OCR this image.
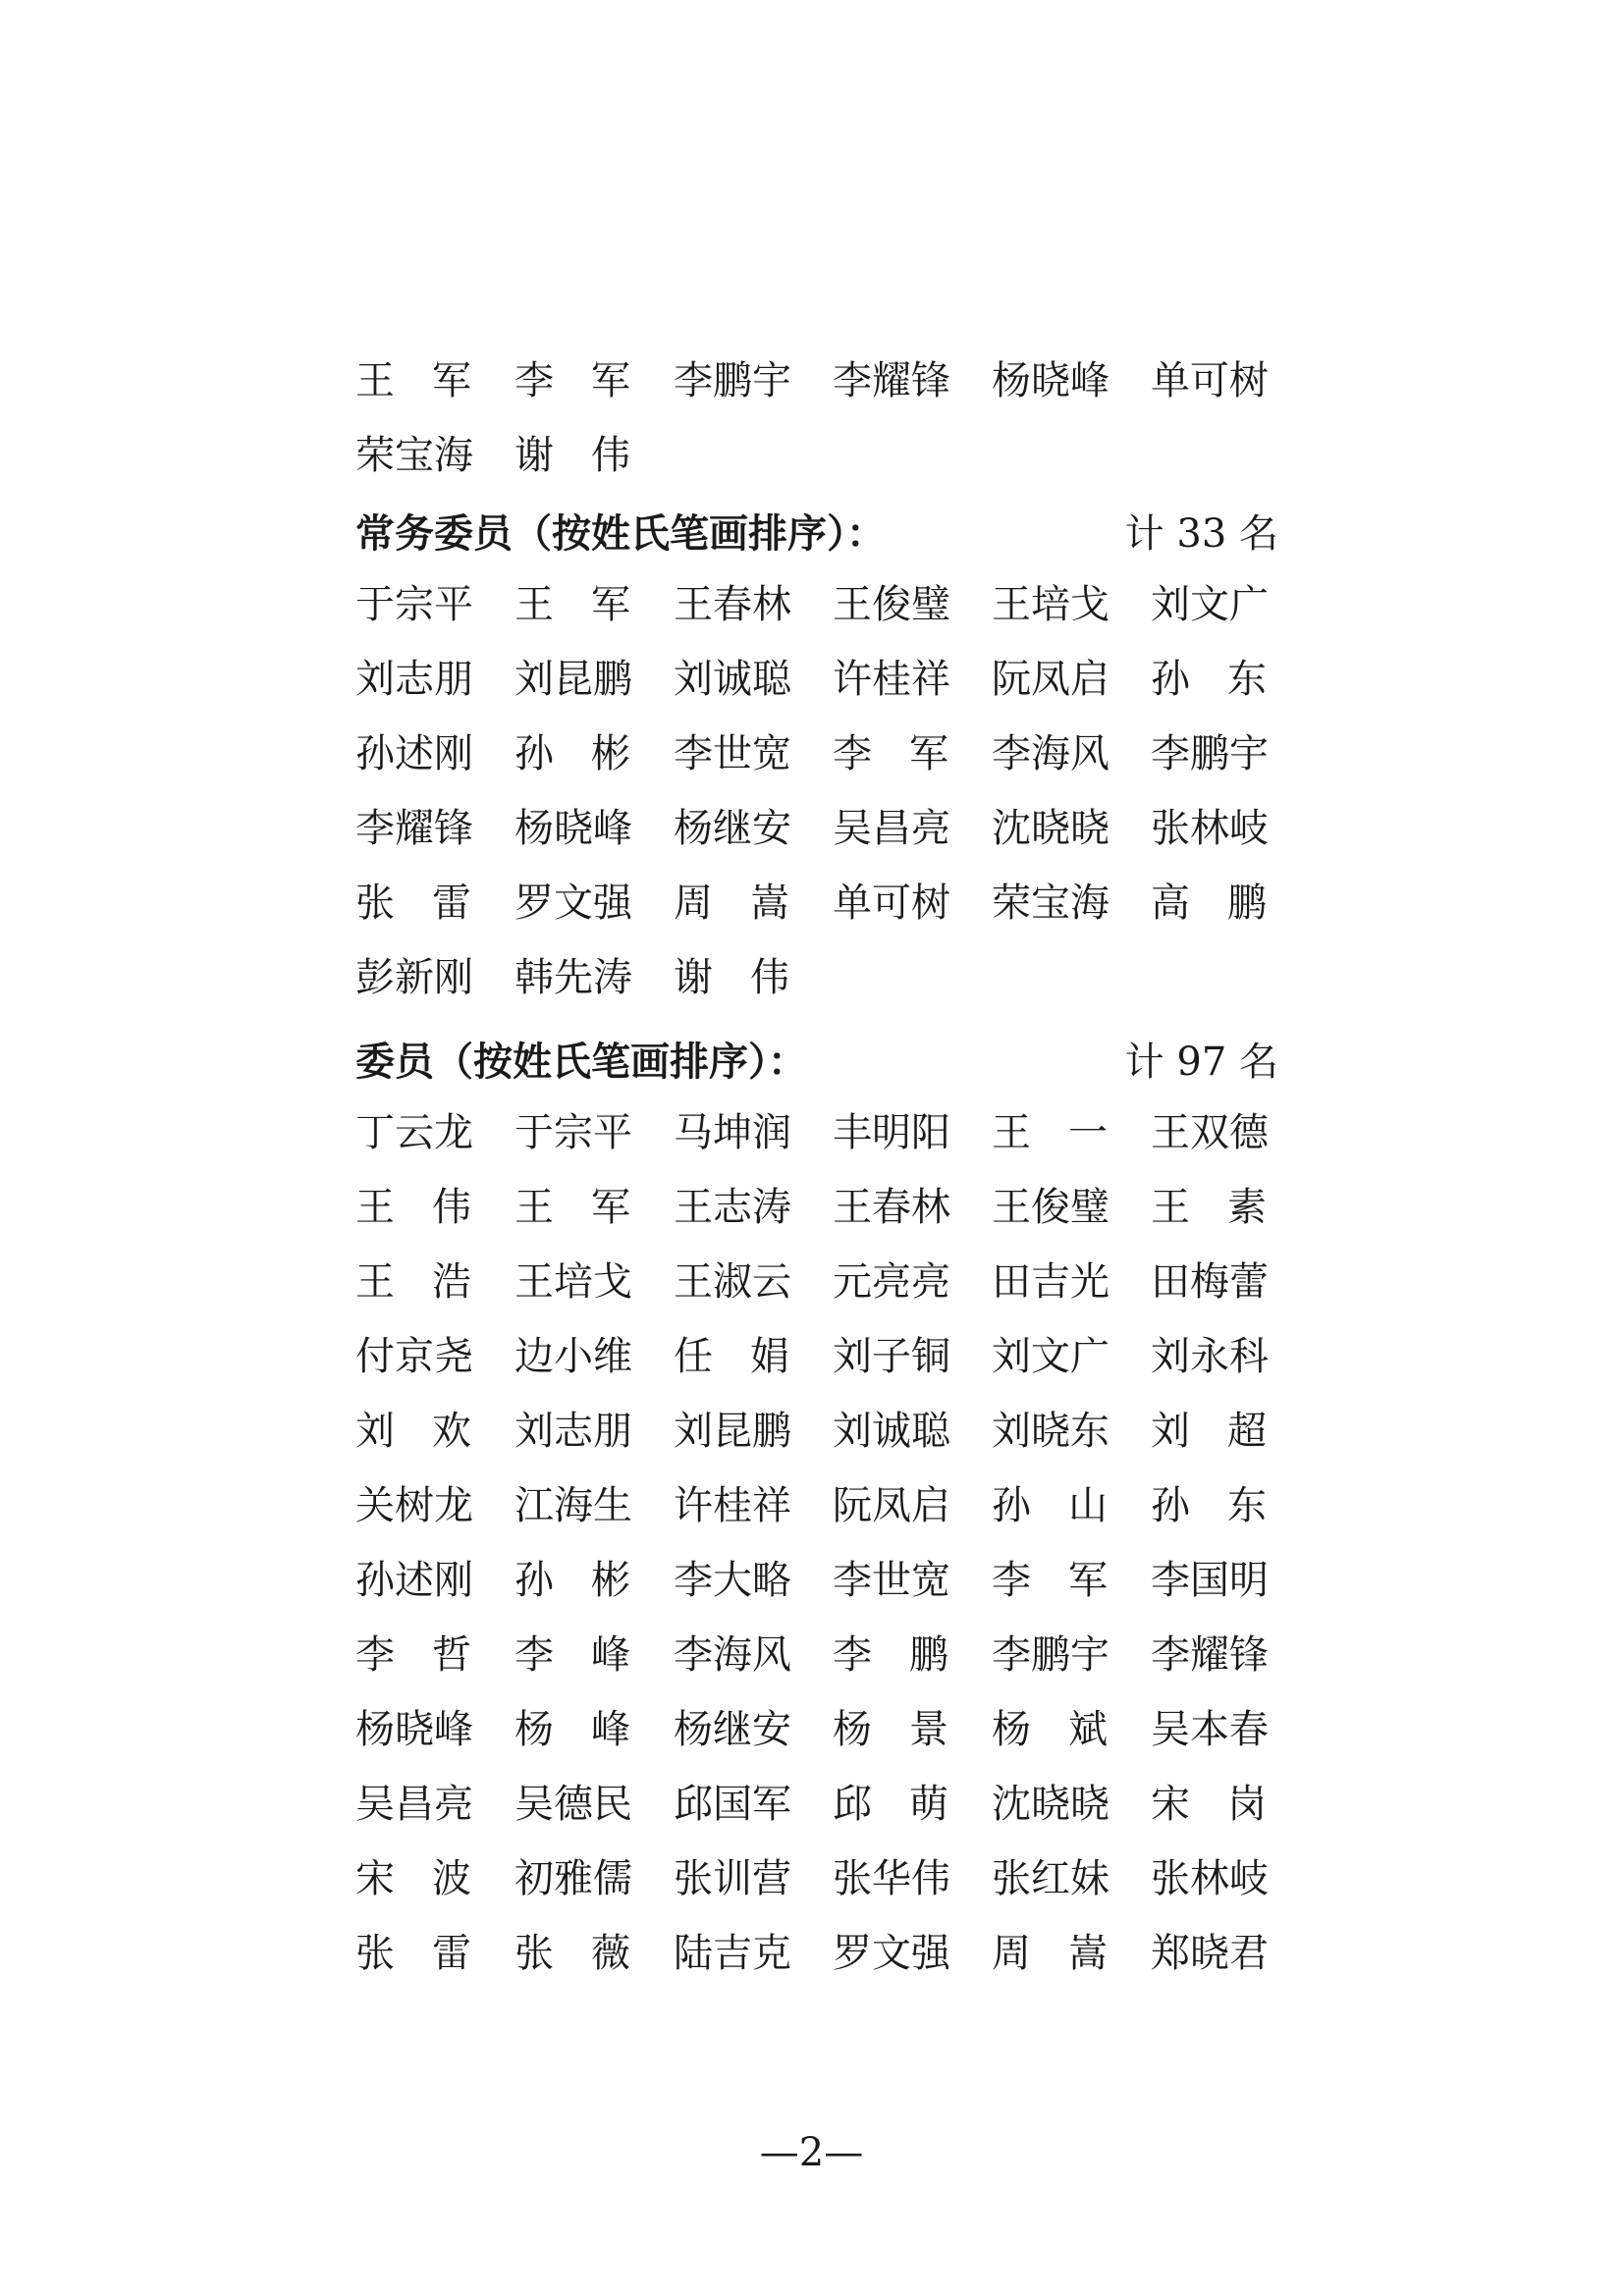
王 军 李 军 李 鹏 宇 李 耀 锋 杨 晓 峰 单 可 树
荣 宝 海 谢 伟
常务委员（按姓氏笔画排序）：	计 33 名
于 宗 平 王 军 王 春 林 王 俊 璧 王 培 戈 刘 文 广
刘 志 朋 刘 昆 鹏 刘 诚 聪 许 桂 祥 阮 凤 启 孙 东
孙 述 刚 孙 彬 李 世 宽 李 军 李 海 风 李 鹏 宇
李 耀 锋 杨 晓 峰 杨 继 安 吴 昌 亮 沈 晓 晓 张 林 岐
张 雷 罗 文 强 周 嵩 单 可 树 荣 宝 海 高 鹏
彭 新 刚 韩 先 涛 谢 伟
委员（按姓氏笔画排序）：	计 97 名
丁 云 龙 于 宗 平 马 坤 润 丰 明 阳 王 一 王 双 德
王 伟 王 军 王 志 涛 王 春 林 王 俊 璧 王 素
王 浩 王 培 戈 王 淑 云 元 亮 亮 田 吉 光 田 梅 蕾
付 京 尧 边 小 维 任 娟 刘 子 铜 刘 文 广 刘 永 科
刘 欢 刘 志 朋 刘 昆 鹏 刘 诚 聪 刘 晓 东 刘 超
关 树 龙 江 海 生 许 桂 祥 阮 凤 启 孙 山 孙 东
孙 述 刚 孙 彬 李 大 略 李 世 宽 李 军 李 国 明
李 哲 李 峰 李 海 风 李 鹏 李 鹏 宇 李 耀 锋
杨 晓 峰 杨 峰 杨 继 安 杨 景 杨 斌 吴 本 春
吴 昌 亮 吴 德 民 邱 国 军 邱 萌 沈 晓 晓 宋 岗
宋 波 初 雅 儒 张 训 营 张 华 伟 张 红 妹 张 林 岐
张 雷 张 薇 陆 吉 克 罗 文 强 周 嵩 郑 晓 君
—2—
